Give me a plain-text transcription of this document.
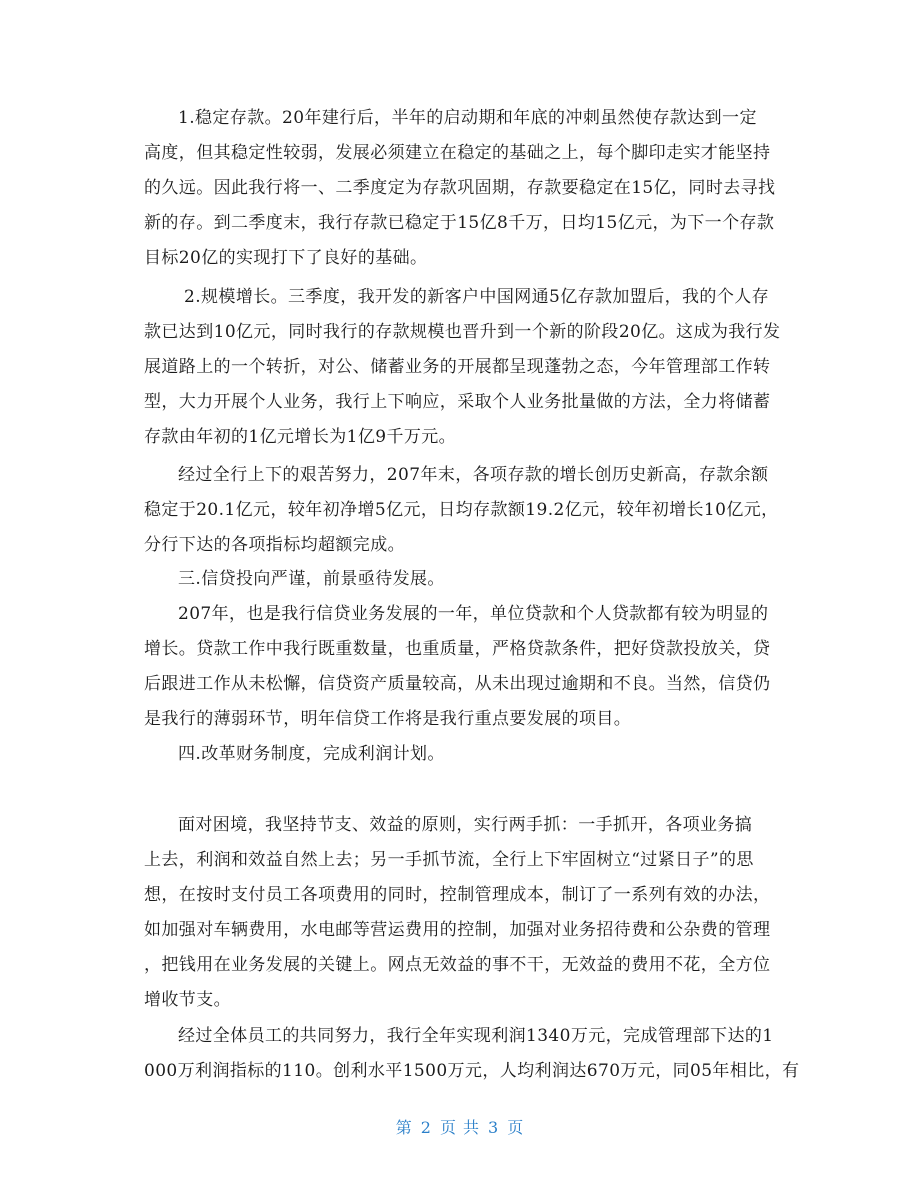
1.稳定存款。20年建行后，半年的启动期和年底的冲刺虽然使存款达到一定
高度，但其稳定性较弱，发展必须建立在稳定的基础之上，每个脚印走实才能坚持
的久远。因此我行将一、二季度定为存款巩固期，存款要稳定在15亿，同时去寻找
新的存。到二季度末，我行存款已稳定于15亿8千万，日均15亿元，为下一个存款
目标20亿的实现打下了良好的基础。
2.规模增长。三季度，我开发的新客户中国网通5亿存款加盟后，我的个人存
款已达到10亿元，同时我行的存款规模也晋升到一个新的阶段20亿。这成为我行发
展道路上的一个转折，对公、储蓄业务的开展都呈现蓬勃之态，今年管理部工作转
型，大力开展个人业务，我行上下响应，采取个人业务批量做的方法，全力将储蓄
存款由年初的1亿元增长为1亿9千万元。
经过全行上下的艰苦努力，207年末，各项存款的增长创历史新高，存款余额
稳定于20.1亿元，较年初净增5亿元，日均存款额19.2亿元，较年初增长10亿元，
分行下达的各项指标均超额完成。
三.信贷投向严谨，前景亟待发展。
207年，也是我行信贷业务发展的一年，单位贷款和个人贷款都有较为明显的
增长。贷款工作中我行既重数量，也重质量，严格贷款条件，把好贷款投放关，贷
后跟进工作从未松懈，信贷资产质量较高，从未出现过逾期和不良。当然，信贷仍
是我行的薄弱环节，明年信贷工作将是我行重点要发展的项目。
四.改革财务制度，完成利润计划。
面对困境，我坚持节支、效益的原则，实行两手抓：一手抓开，各项业务搞
上去，利润和效益自然上去；另一手抓节流，全行上下牢固树立“过紧日子”的思
想，在按时支付员工各项费用的同时，控制管理成本，制订了一系列有效的办法，
如加强对车辆费用，水电邮等营运费用的控制，加强对业务招待费和公杂费的管理
，把钱用在业务发展的关键上。网点无效益的事不干，无效益的费用不花，全方位
增收节支。
经过全体员工的共同努力，我行全年实现利润1340万元，完成管理部下达的1
000万利润指标的110。创利水平1500万元，人均利润达670万元，同05年相比，有
第 2 页 共 3 页
